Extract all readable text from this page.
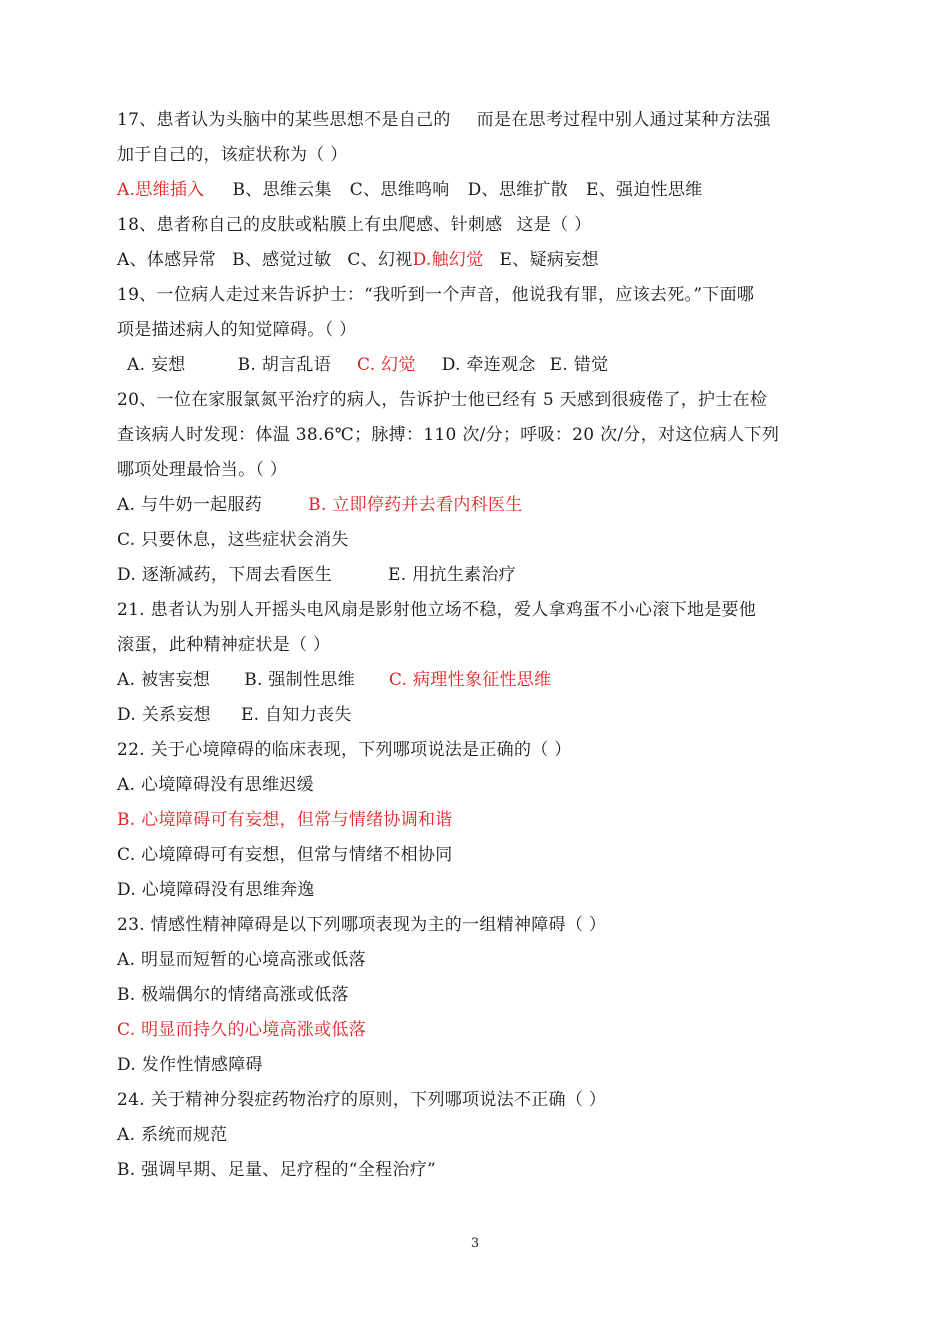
17、患者认为头脑中的某些思想不是自己的 而是在思考过程中别人通过某种方法强
加于自己的，该症状称为（ ）
A.思维插入 B、思维云集 C、思维鸣响 D、思维扩散 E、强迫性思维
18、患者称自己的皮肤或粘膜上有虫爬感、针刺感 这是（ ）
A、体感异常 B、感觉过敏 C、幻视D.触幻觉 E、疑病妄想
19、一位病人走过来告诉护士：“我听到一个声音，他说我有罪，应该去死。”下面哪
项是描述病人的知觉障碍。（ ）
A. 妄想	B. 胡言乱语 C. 幻觉 D. 牵连观念 E. 错觉
20、一位在家服氯氮平治疗的病人，告诉护士他已经有 5 天感到很疲倦了，护士在检
查该病人时发现：体温 38.6℃；脉搏：110 次/分；呼吸：20 次/分，对这位病人下列
哪项处理最恰当。（ ）
A. 与牛奶一起服药	B. 立即停药并去看内科医生
C. 只要休息，这些症状会消失
D. 逐渐减药，下周去看医生	E. 用抗生素治疗
21. 患者认为别人开摇头电风扇是影射他立场不稳，爱人拿鸡蛋不小心滚下地是要他
滚蛋，此种精神症状是（ ）
A. 被害妄想 B. 强制性思维 C. 病理性象征性思维
D. 关系妄想 E. 自知力丧失
22. 关于心境障碍的临床表现，下列哪项说法是正确的（ ）
A. 心境障碍没有思维迟缓
B. 心境障碍可有妄想，但常与情绪协调和谐
C. 心境障碍可有妄想，但常与情绪不相协同
D. 心境障碍没有思维奔逸
23. 情感性精神障碍是以下列哪项表现为主的一组精神障碍（ ）
A. 明显而短暂的心境高涨或低落
B. 极端偶尔的情绪高涨或低落
C. 明显而持久的心境高涨或低落
D. 发作性情感障碍
24. 关于精神分裂症药物治疗的原则，下列哪项说法不正确（ ）
A. 系统而规范
B. 强调早期、足量、足疗程的“全程治疗”
3
